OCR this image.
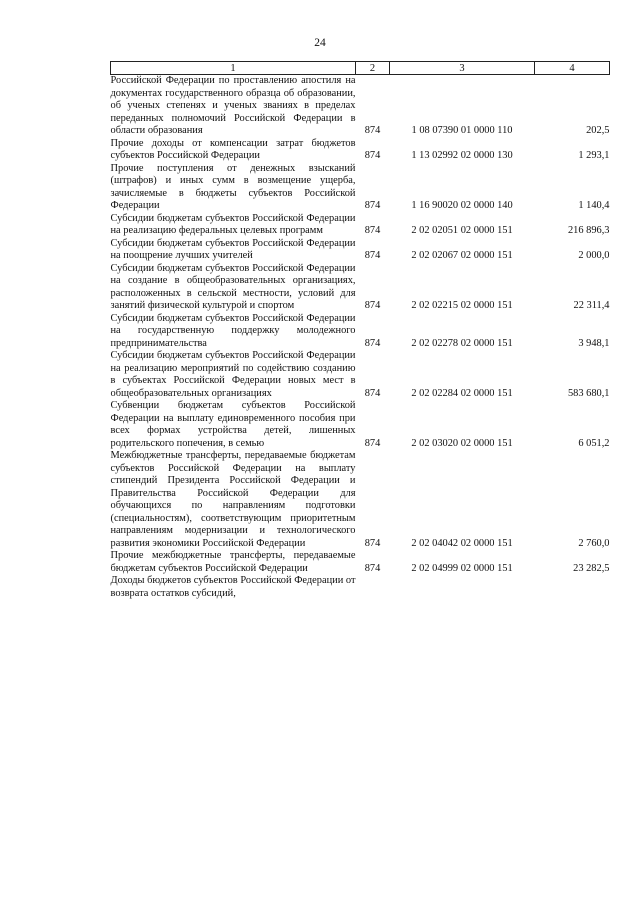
24
1	2	3	4
Российской Федерации по проставлению апостиля на документах государственного образца об образовании, об ученых степенях и ученых званиях в пределах переданных полномочий Российской Федерации в области образования	874	1 08 07390 01 0000 110	202,5
Прочие доходы от компенсации затрат бюджетов субъектов Российской Федерации	874	1 13 02992 02 0000 130	1 293,1
Прочие поступления от денежных взысканий (штрафов) и иных сумм в возмещение ущерба, зачисляемые в бюджеты субъектов Российской Федерации	874	1 16 90020 02 0000 140	1 140,4
Субсидии бюджетам субъектов Российской Федерации на реализацию федеральных целевых программ	874	2 02 02051 02 0000 151	216 896,3
Субсидии бюджетам субъектов Российской Федерации на поощрение лучших учителей	874	2 02 02067 02 0000 151	2 000,0
Субсидии бюджетам субъектов Российской Федерации на создание в общеобразовательных организациях, расположенных в сельской местности, условий для занятий физической культурой и спортом	874	2 02 02215 02 0000 151	22 311,4
Субсидии бюджетам субъектов Российской Федерации на государственную поддержку молодежного предпринимательства	874	2 02 02278 02 0000 151	3 948,1
Субсидии бюджетам субъектов Российской Федерации на реализацию мероприятий по содействию созданию в субъектах Российской Федерации новых мест в общеобразовательных организациях	874	2 02 02284 02 0000 151	583 680,1
Субвенции бюджетам субъектов Российской Федерации на выплату единовременного пособия при всех формах устройства детей, лишенных родительского попечения, в семью	874	2 02 03020 02 0000 151	6 051,2
Межбюджетные трансферты, передаваемые бюджетам субъектов Российской Федерации на выплату стипендий Президента Российской Федерации и Правительства Российской Федерации для обучающихся по направлениям подготовки (специальностям), соответствующим приоритетным направлениям модернизации и технологического развития экономики Российской Федерации	874	2 02 04042 02 0000 151	2 760,0
Прочие межбюджетные трансферты, передаваемые бюджетам субъектов Российской Федерации	874	2 02 04999 02 0000 151	23 282,5
Доходы бюджетов субъектов Российской Федерации от возврата остатков субсидий,			
